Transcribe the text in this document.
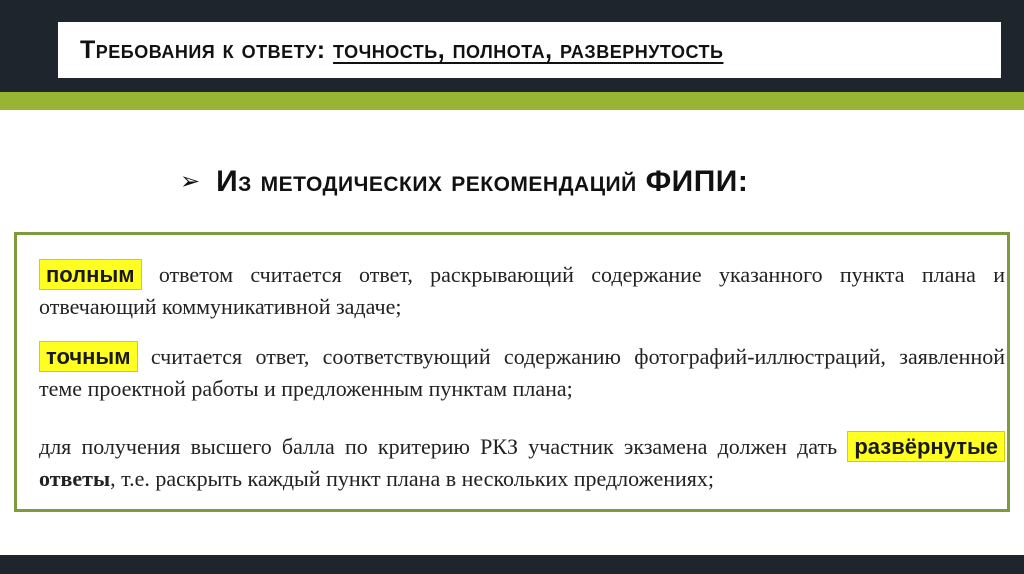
Требования к ответу: точность, полнота, развернутость
➢ Из методических рекомендаций ФИПИ:
полным ответом считается ответ, раскрывающий содержание указанного пункта плана и отвечающий коммуникативной задаче;
точным считается ответ, соответствующий содержанию фотографий-иллюстраций, заявленной теме проектной работы и предложенным пунктам плана;
для получения высшего балла по критерию РКЗ участник экзамена должен дать развёрнутые ответы, т.е. раскрыть каждый пункт плана в нескольких предложениях;
